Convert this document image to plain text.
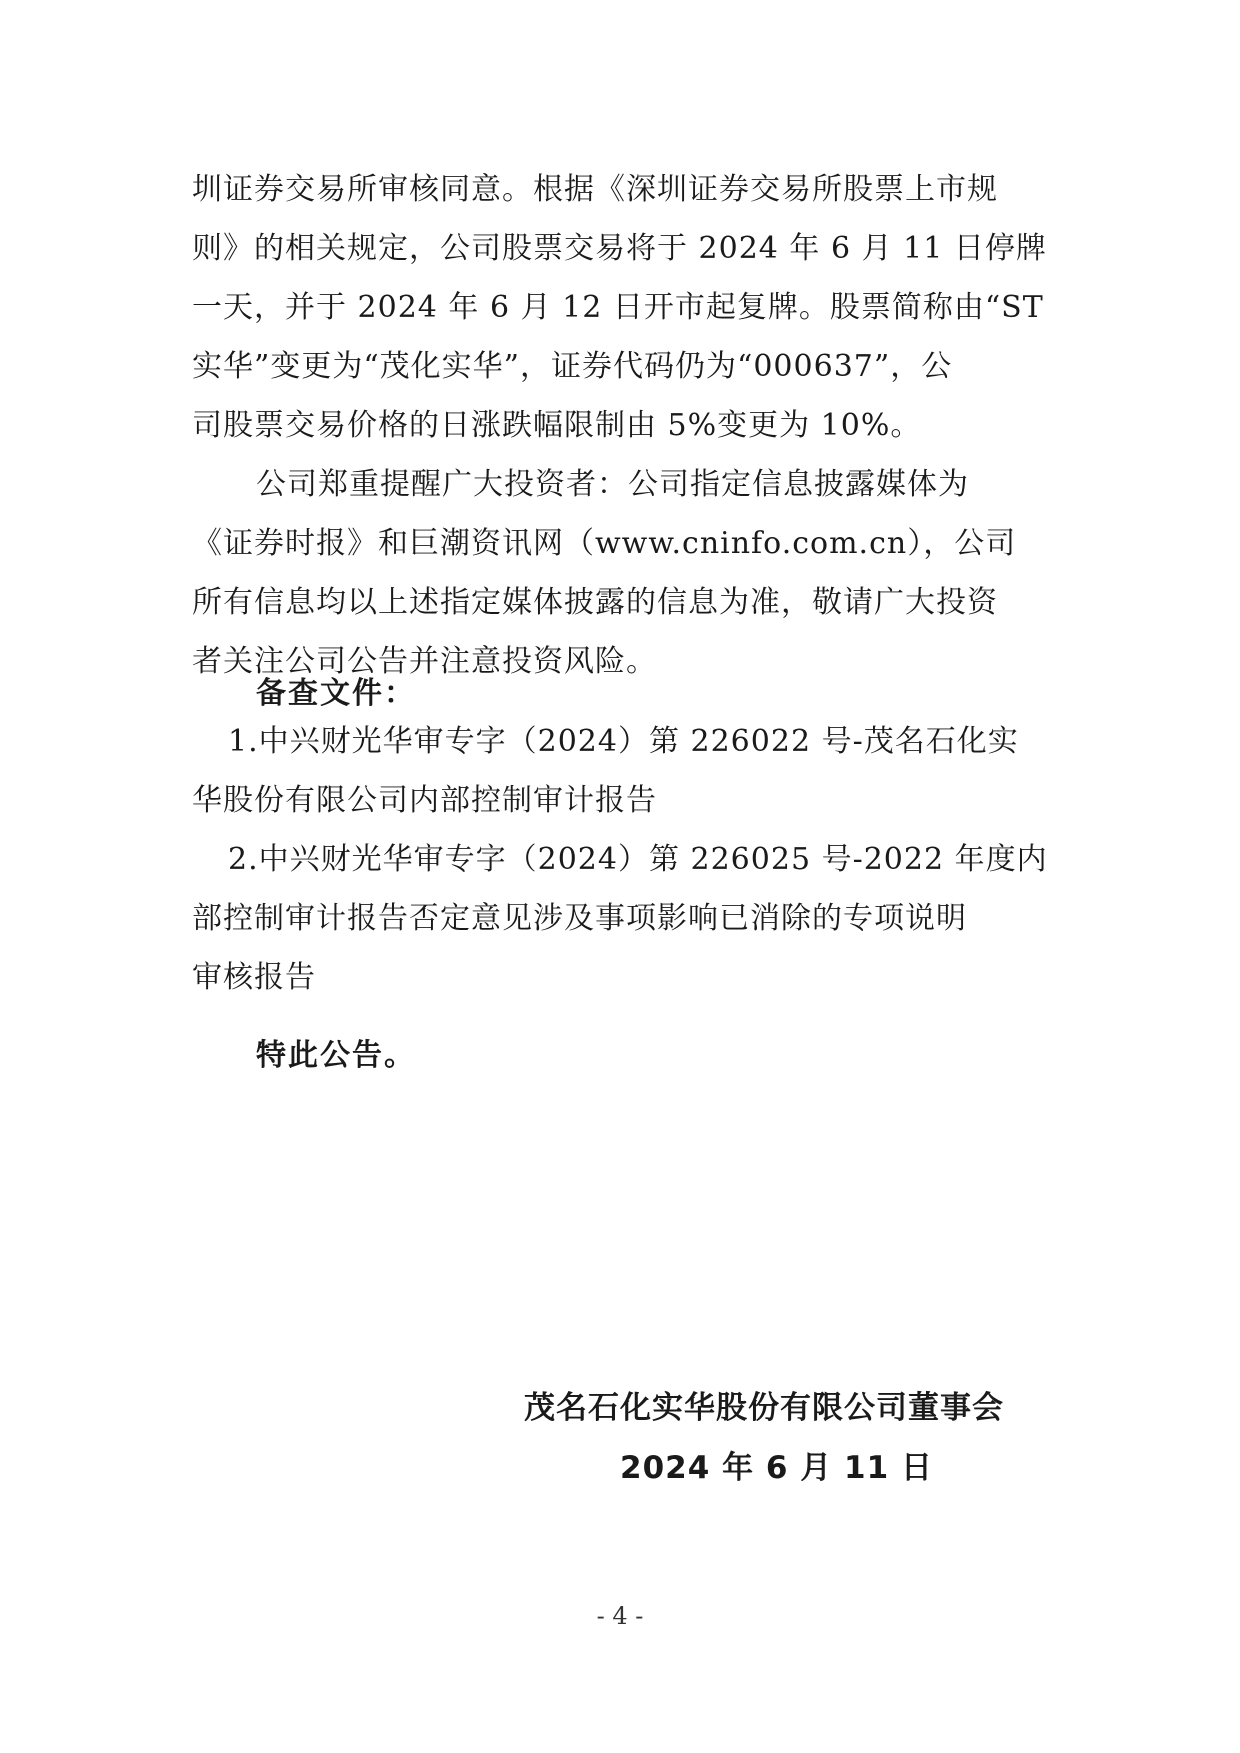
圳证券交易所审核同意。根据《深圳证券交易所股票上市规
则》的相关规定，公司股票交易将于 2024 年 6 月 11 日停牌
一天，并于 2024 年 6 月 12 日开市起复牌。股票简称由“ST
实华”变更为“茂化实华”，证券代码仍为“000637”，公
司股票交易价格的日涨跌幅限制由 5%变更为 10%。

公司郑重提醒广大投资者：公司指定信息披露媒体为
《证券时报》和巨潮资讯网（www.cninfo.com.cn），公司
所有信息均以上述指定媒体披露的信息为准，敬请广大投资
者关注公司公告并注意投资风险。

备查文件：

1.中兴财光华审专字（2024）第 226022 号-茂名石化实
华股份有限公司内部控制审计报告

2.中兴财光华审专字（2024）第 226025 号-2022 年度内
部控制审计报告否定意见涉及事项影响已消除的专项说明
审核报告

特此公告。
茂名石化实华股份有限公司董事会
2024 年 6 月 11 日
- 4 -
